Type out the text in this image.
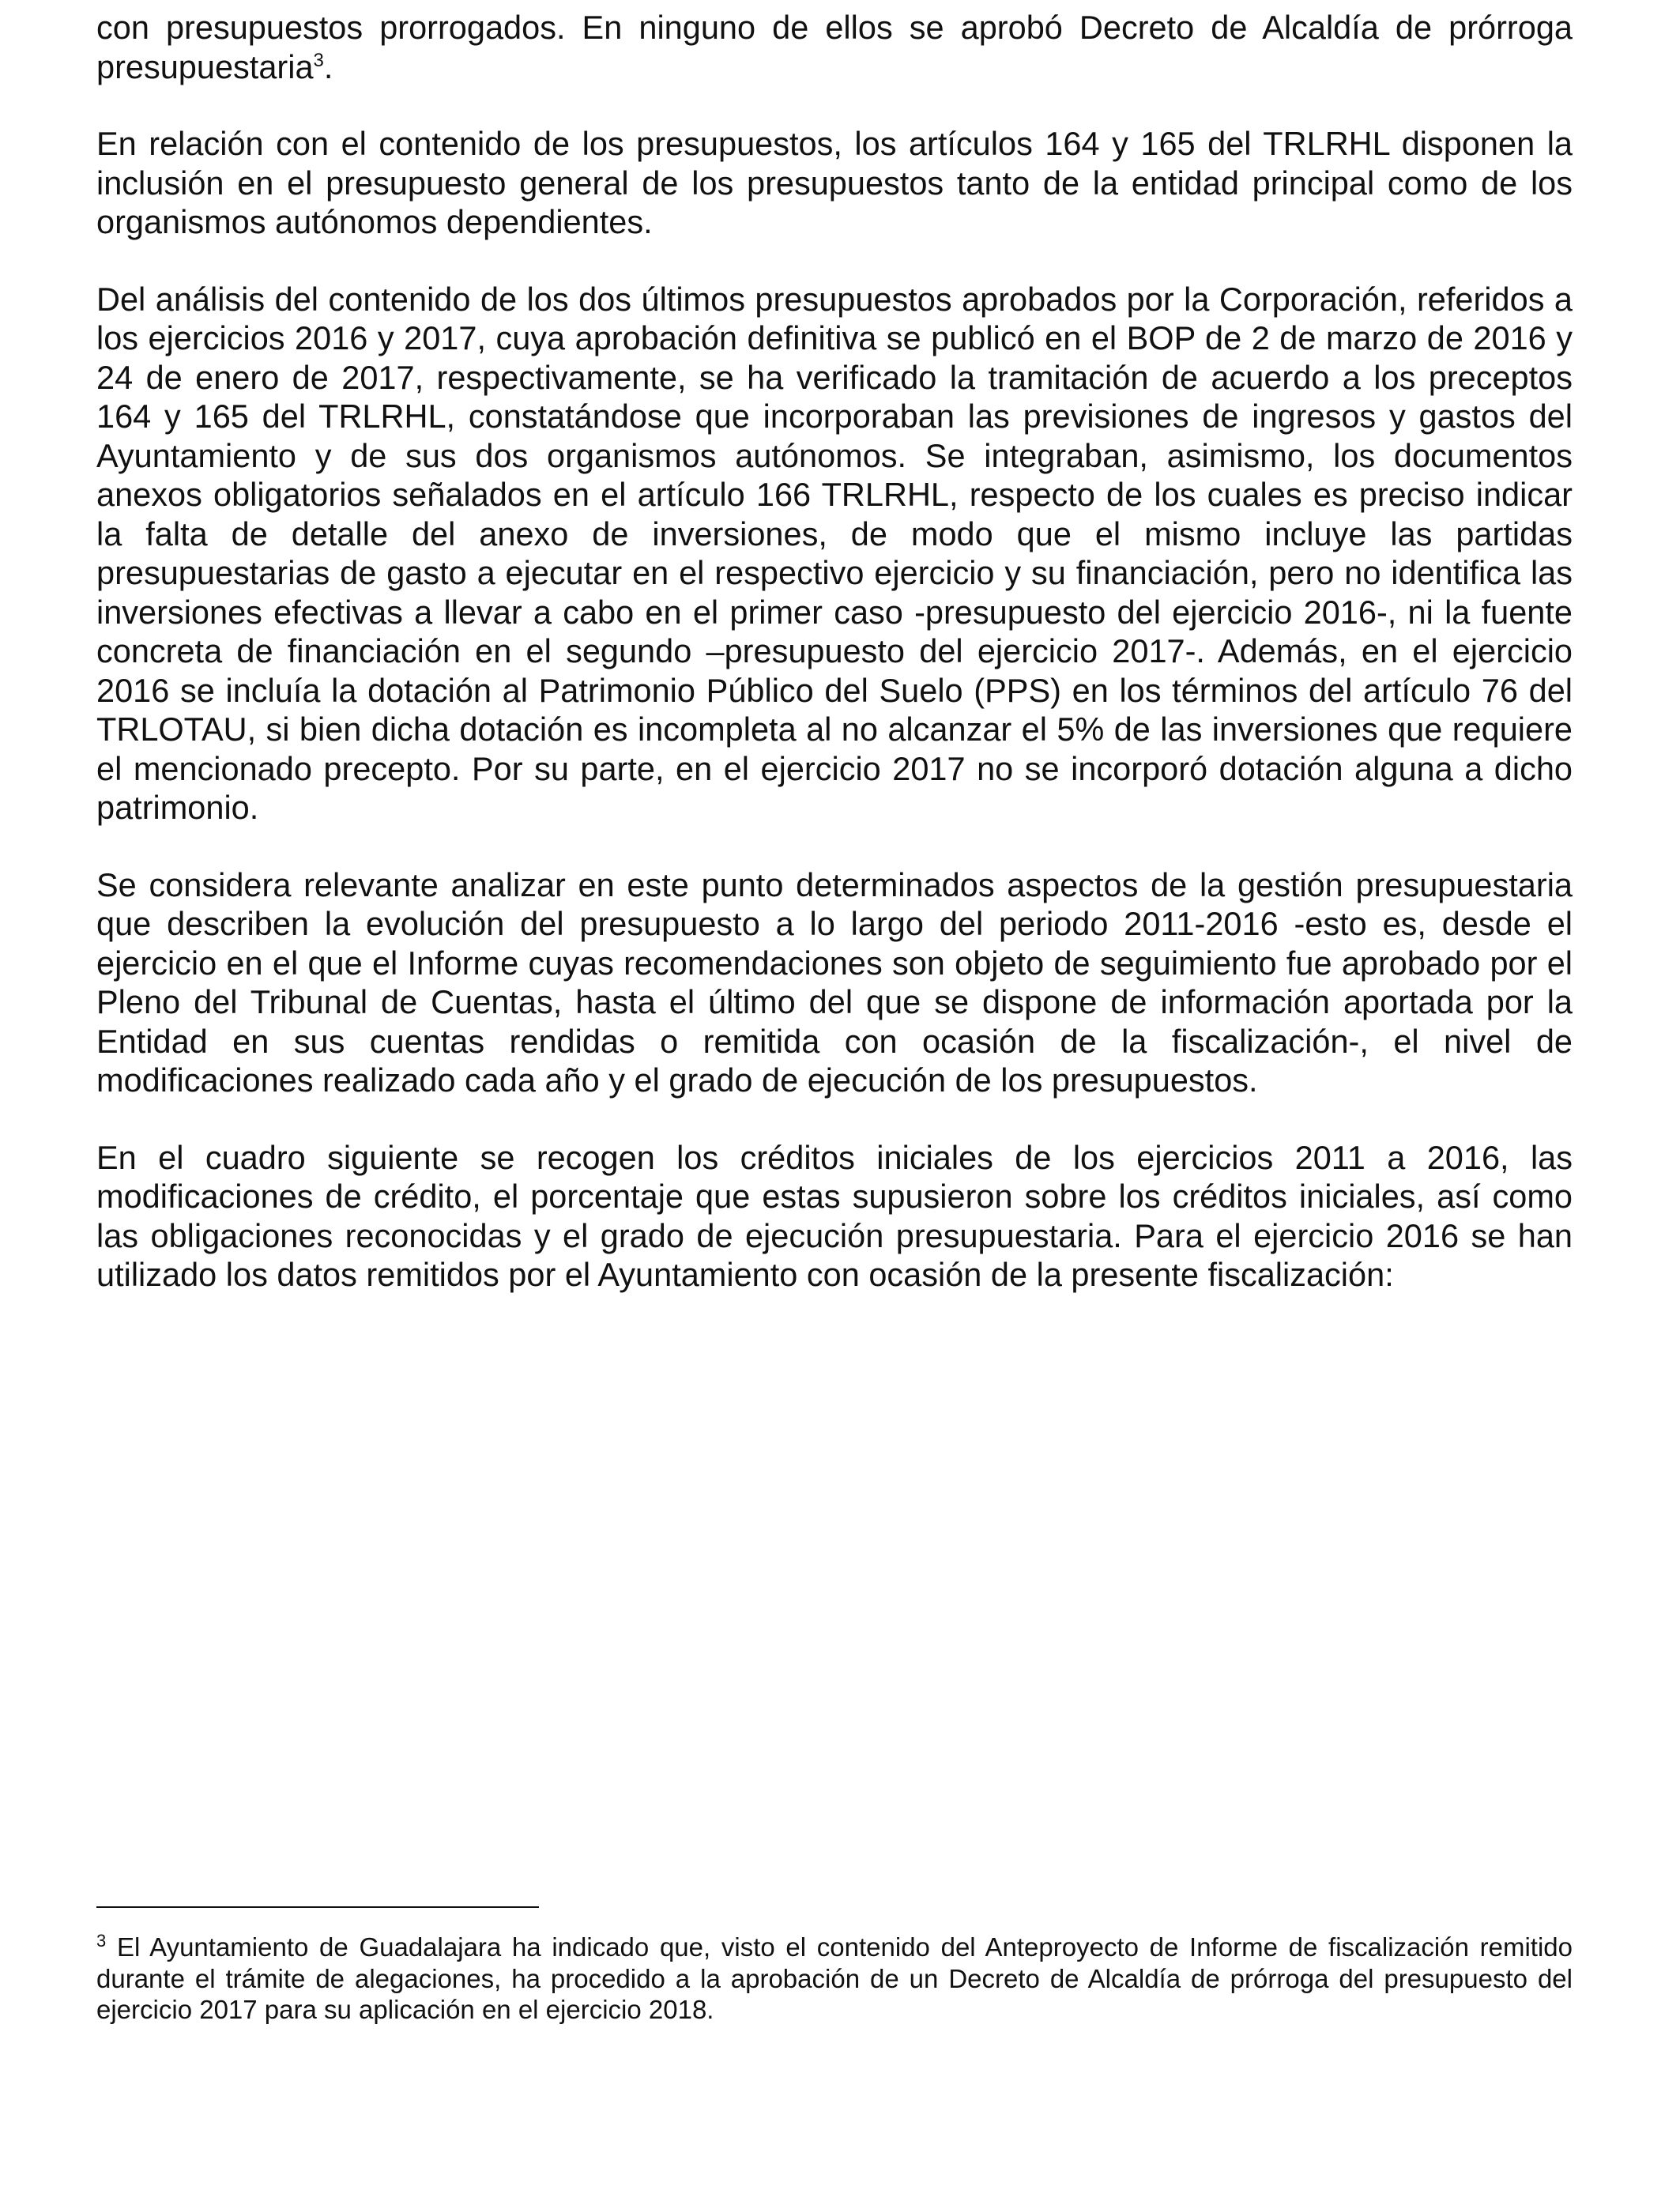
con presupuestos prorrogados. En ninguno de ellos se aprobó Decreto de Alcaldía de prórroga presupuestaria$^3$.

En relación con el contenido de los presupuestos, los artículos 164 y 165 del TRLRHL disponen la inclusión en el presupuesto general de los presupuestos tanto de la entidad principal como de los organismos autónomos dependientes.

Del análisis del contenido de los dos últimos presupuestos aprobados por la Corporación, referidos a los ejercicios 2016 y 2017, cuya aprobación definitiva se publicó en el BOP de 2 de marzo de 2016 y 24 de enero de 2017, respectivamente, se ha verificado la tramitación de acuerdo a los preceptos 164 y 165 del TRLRHL, constatándose que incorporaban las previsiones de ingresos y gastos del Ayuntamiento y de sus dos organismos autónomos. Se integraban, asimismo, los documentos anexos obligatorios señalados en el artículo 166 TRLRHL, respecto de los cuales es preciso indicar la falta de detalle del anexo de inversiones, de modo que el mismo incluye las partidas presupuestarias de gasto a ejecutar en el respectivo ejercicio y su financiación, pero no identifica las inversiones efectivas a llevar a cabo en el primer caso -presupuesto del ejercicio 2016-, ni la fuente concreta de financiación en el segundo –presupuesto del ejercicio 2017-. Además, en el ejercicio 2016 se incluía la dotación al Patrimonio Público del Suelo (PPS) en los términos del artículo 76 del TRLOTAU, si bien dicha dotación es incompleta al no alcanzar el 5% de las inversiones que requiere el mencionado precepto. Por su parte, en el ejercicio 2017 no se incorporó dotación alguna a dicho patrimonio.

Se considera relevante analizar en este punto determinados aspectos de la gestión presupuestaria que describen la evolución del presupuesto a lo largo del periodo 2011-2016 -esto es, desde el ejercicio en el que el Informe cuyas recomendaciones son objeto de seguimiento fue aprobado por el Pleno del Tribunal de Cuentas, hasta el último del que se dispone de información aportada por la Entidad en sus cuentas rendidas o remitida con ocasión de la fiscalización-, el nivel de modificaciones realizado cada año y el grado de ejecución de los presupuestos.

En el cuadro siguiente se recogen los créditos iniciales de los ejercicios 2011 a 2016, las modificaciones de crédito, el porcentaje que estas supusieron sobre los créditos iniciales, así como las obligaciones reconocidas y el grado de ejecución presupuestaria. Para el ejercicio 2016 se han utilizado los datos remitidos por el Ayuntamiento con ocasión de la presente fiscalización:

$^3$ El Ayuntamiento de Guadalajara ha indicado que, visto el contenido del Anteproyecto de Informe de fiscalización remitido durante el trámite de alegaciones, ha procedido a la aprobación de un Decreto de Alcaldía de prórroga del presupuesto del ejercicio 2017 para su aplicación en el ejercicio 2018.
